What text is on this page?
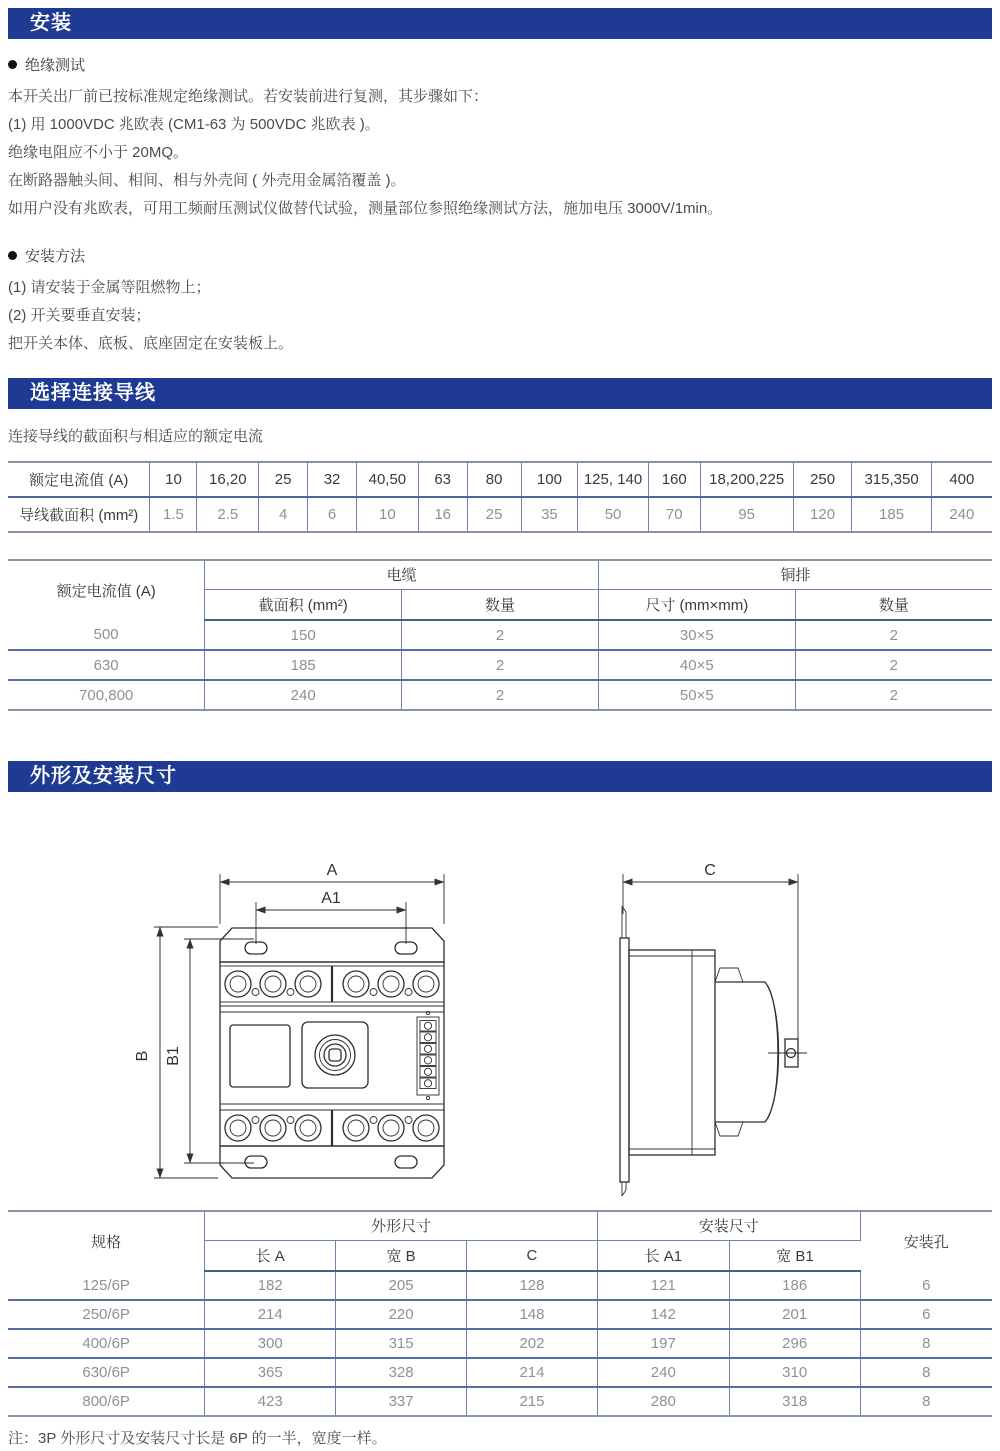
安装
绝缘测试

本开关出厂前已按标准规定绝缘测试。若安装前进行复测，其步骤如下：

(1) 用 1000VDC 兆欧表 (CM1-63 为 500VDC 兆欧表 )。

绝缘电阻应不小于 20MQ。

在断路器触头间、相间、相与外壳间 ( 外壳用金属箔覆盖 )。

如用户没有兆欧表，可用工频耐压测试仪做替代试验，测量部位参照绝缘测试方法，施加电压 3000V/1min。

安装方法

(1) 请安装于金属等阻燃物上；

(2) 开关要垂直安装；

把开关本体、底板、底座固定在安装板上。

选择连接导线

连接导线的截面积与相适应的额定电流

额定电流值 (A)	10	16,20	25	32	40,50	63	80	100	125, 140	160	18,200,225	250	315,350	400
导线截面积 (mm²)	1.5	2.5	4	6	10	16	25	35	50	70	95	120	185	240
额定电流值 (A)	电缆		铜排	
	截面积 (mm²)	数量	尺寸 (mm×mm)	数量
500	150	2	30×5	2
630	185	2	40×5	2
700,800	240	2	50×5	2
外形及安装尺寸
A
A1
B B1
C
规格	外形尺寸			安装尺寸		安装孔
	长 A	宽 B	C	长 A1	宽 B1	
125/6P	182	205	128	121	186	6
250/6P	214	220	148	142	201	6
400/6P	300	315	202	197	296	8
630/6P	365	328	214	240	310	8
800/6P	423	337	215	280	318	8

注：3P 外形尺寸及安装尺寸长是 6P 的一半，宽度一样。
